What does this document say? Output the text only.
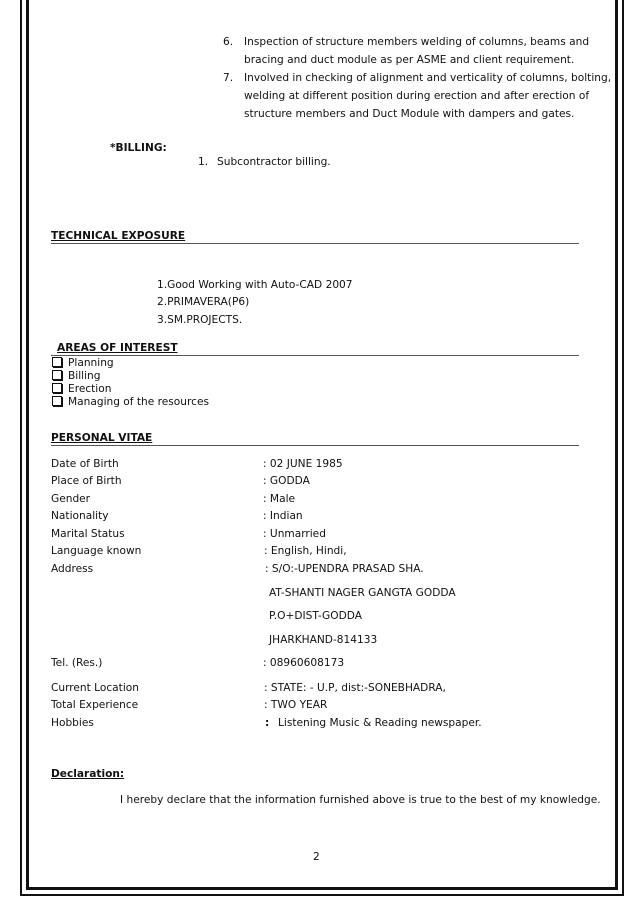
6. Inspection of structure members welding of columns, beams and
bracing and duct module as per ASME and client requirement.
7. Involved in checking of alignment and verticality of columns, bolting,
welding at different position during erection and after erection of
structure members and Duct Module with dampers and gates.
*BILLING:
1. Subcontractor billing.
TECHNICAL EXPOSURE
1.Good Working with Auto-CAD 2007
2.PRIMAVERA(P6)
3.SM.PROJECTS.
AREAS OF INTEREST
Planning
Billing
Erection
Managing of the resources
PERSONAL VITAE
Date of Birth	: 02 JUNE 1985
Place of Birth	: GODDA
Gender	: Male
Nationality	: Indian
Marital Status	: Unmarried
Language known	: English, Hindi,
Address	: S/O:-UPENDRA PRASAD SHA.
AT-SHANTI NAGER GANGTA GODDA
P.O+DIST-GODDA
JHARKHAND-814133
Tel. (Res.)	: 08960608173
Current Location	: STATE: - U.P, dist:-SONEBHADRA,
Total Experience	: TWO YEAR
Hobbies	: Listening Music & Reading newspaper.
Declaration:
I hereby declare that the information furnished above is true to the best of my knowledge.
2
